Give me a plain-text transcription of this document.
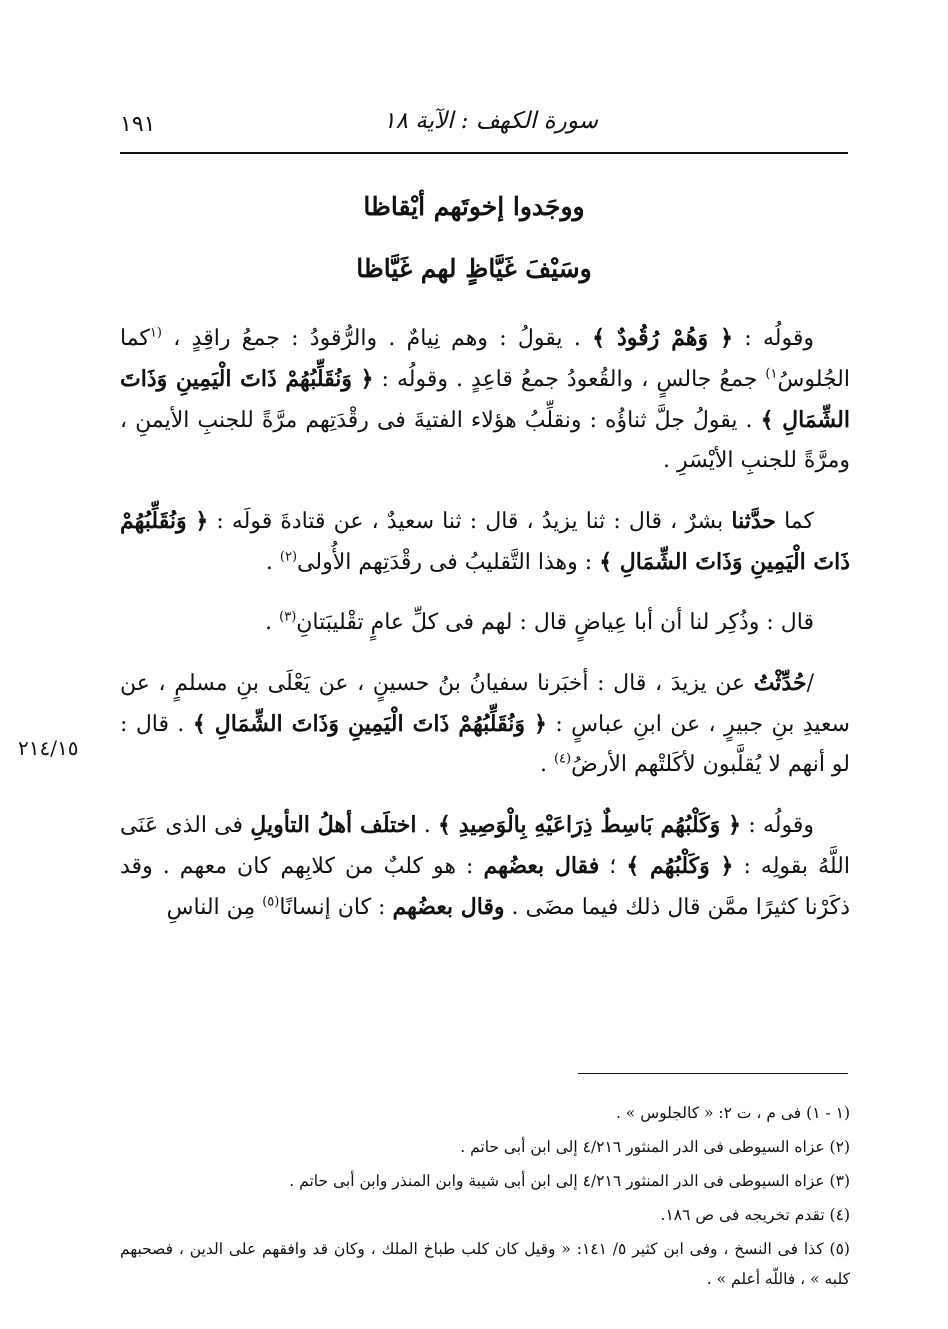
سورة الكهف : الآية ١٨
١٩١
ووجَدوا إخوتَهم أيْقاظا
وسَيْفَ غَيَّاظٍ لهم غَيَّاظا

وقولُه : ﴿ وَهُمْ رُقُودٌ ﴾ . يقولُ : وهم نِيامٌ . والرُّقودُ : جمعُ راقِدٍ ، $^{(١}$كما الجُلوسُ$^{١)}$ جمعُ جالسٍ ، والقُعودُ جمعُ قاعِدٍ . وقولُه : ﴿ وَنُقَلِّبُهُمْ ذَاتَ الْيَمِينِ وَذَاتَ الشِّمَالِ ﴾ . يقولُ جلَّ ثناؤُه : ونقلِّبُ هؤلاء الفتيةَ فى رقْدَتِهم مرَّةً للجنبِ الأيمنِ ، ومرَّةً للجنبِ الأيْسَرِ .

كما حدَّثنا بشرٌ ، قال : ثنا يزيدُ ، قال : ثنا سعيدٌ ، عن قتادةَ قولَه : ﴿ وَنُقَلِّبُهُمْ ذَاتَ الْيَمِينِ وَذَاتَ الشِّمَالِ ﴾ : وهذا التَّقليبُ فى رقْدَتِهم الأُولى$^{(٢)}$ .

قال : وذُكِر لنا أن أبا عِياضٍ قال : لهم فى كلِّ عامٍ تقْليبَتانِ$^{(٣)}$ .

/حُدِّثْتُ عن يزيدَ ، قال : أخبَرنا سفيانُ بنُ حسينٍ ، عن يَعْلَى بنِ مسلمٍ ، عن سعيدِ بنِ جبيرٍ ، عن ابنِ عباسٍ : ﴿ وَنُقَلِّبُهُمْ ذَاتَ الْيَمِينِ وَذَاتَ الشِّمَالِ ﴾ . قال : لو أنهم لا يُقلَّبون لأكَلتْهم الأرضُ$^{(٤)}$ .

وقولُه : ﴿ وَكَلْبُهُم بَاسِطٌ ذِرَاعَيْهِ بِالْوَصِيدِ ﴾ . اختلَف أهلُ التأويلِ فى الذى عَنَى اللَّهُ بقولِه : ﴿ وَكَلْبُهُم ﴾ ؛ فقال بعضُهم : هو كلبٌ من كلابِهم كان معهم . وقد ذكَرْنا كثيرًا ممَّن قال ذلك فيما مضَى . وقال بعضُهم : كان إنسانًا$^{(٥)}$ مِن الناسِ

٢١٤/١٥

(١ - ١) فى م ، ت ٢: « كالجلوس » .

(٢) عزاه السيوطى فى الدر المنثور ٤/٢١٦ إلى ابن أبى حاتم .

(٣) عزاه السيوطى فى الدر المنثور ٤/٢١٦ إلى ابن أبى شيبة وابن المنذر وابن أبى حاتم .

(٤) تقدم تخريجه فى ص ١٨٦.

(٥) كذا فى النسخ ، وفى ابن كثير ٥/ ١٤١: « وقيل كان كلب طباخ الملك ، وكان قد وافقهم على الدين ، فصحبهم كلبه » ، فاللّه أعلم » .
